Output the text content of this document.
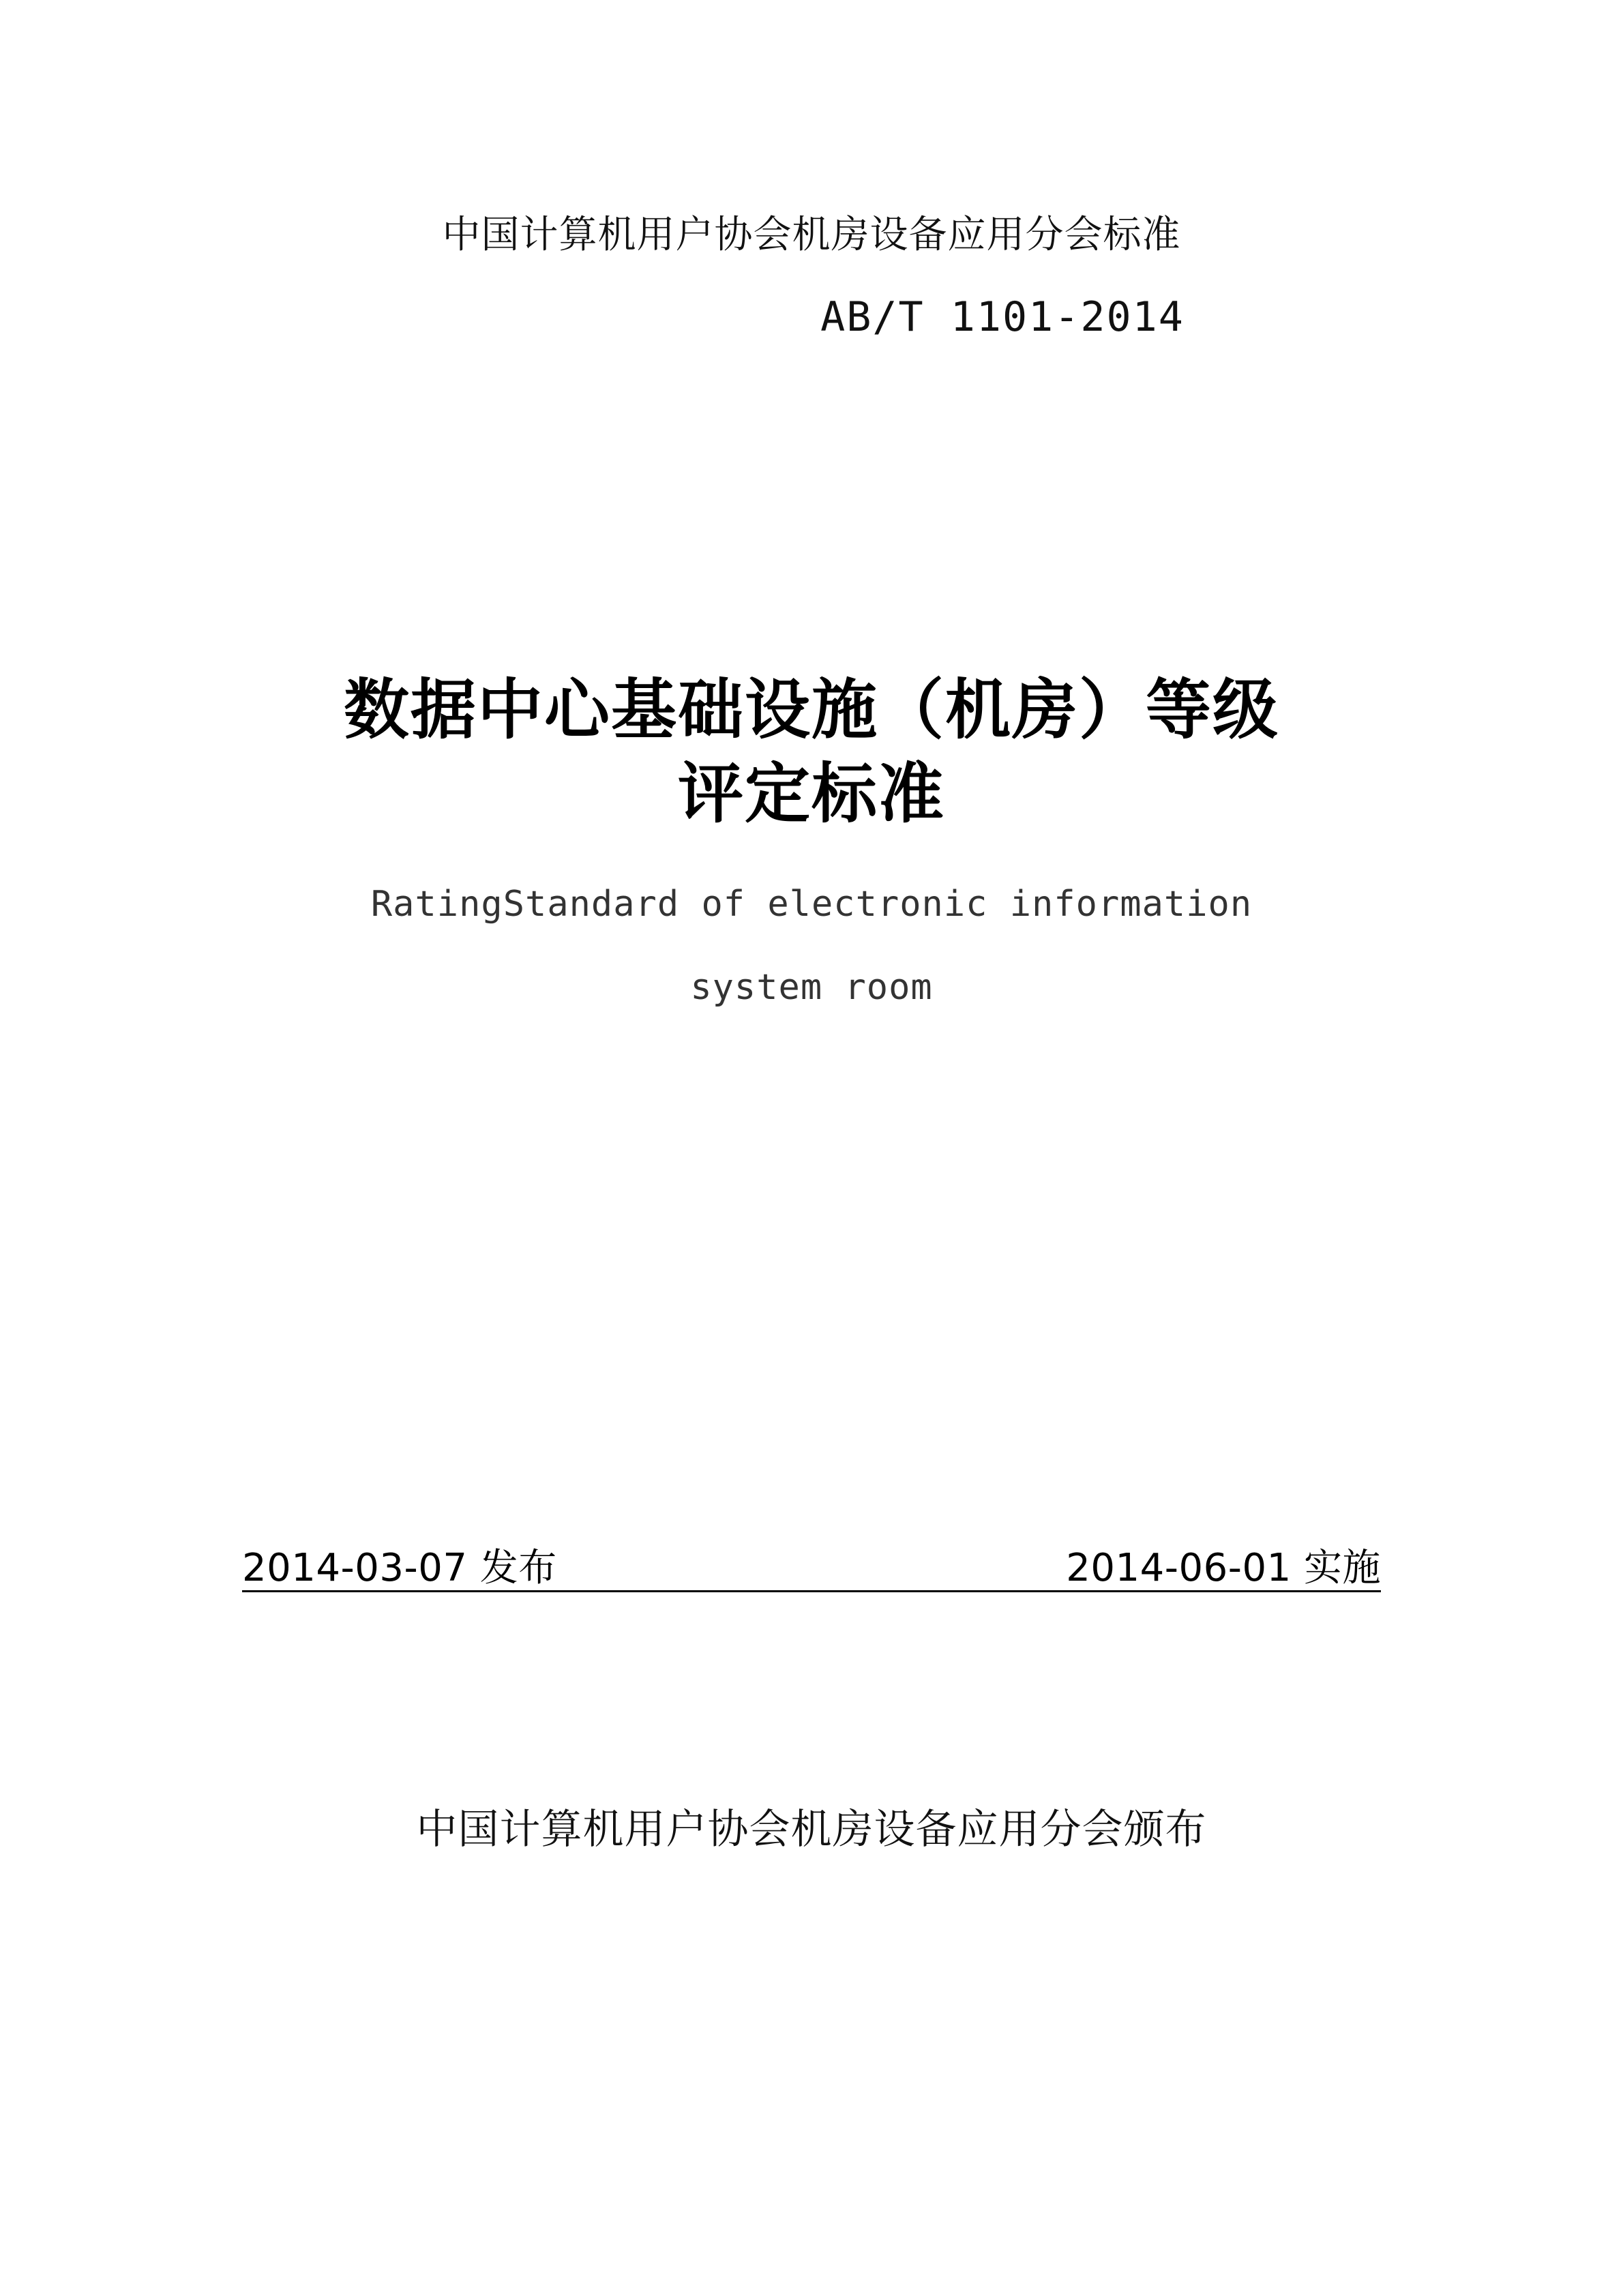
中国计算机用户协会机房设备应用分会标准
AB/T 1101-2014
数据中心基础设施（机房）等级
评定标准
RatingStandard of electronic information
system room
2014-03-07 发布	2014-06-01 实施
中国计算机用户协会机房设备应用分会颁布
